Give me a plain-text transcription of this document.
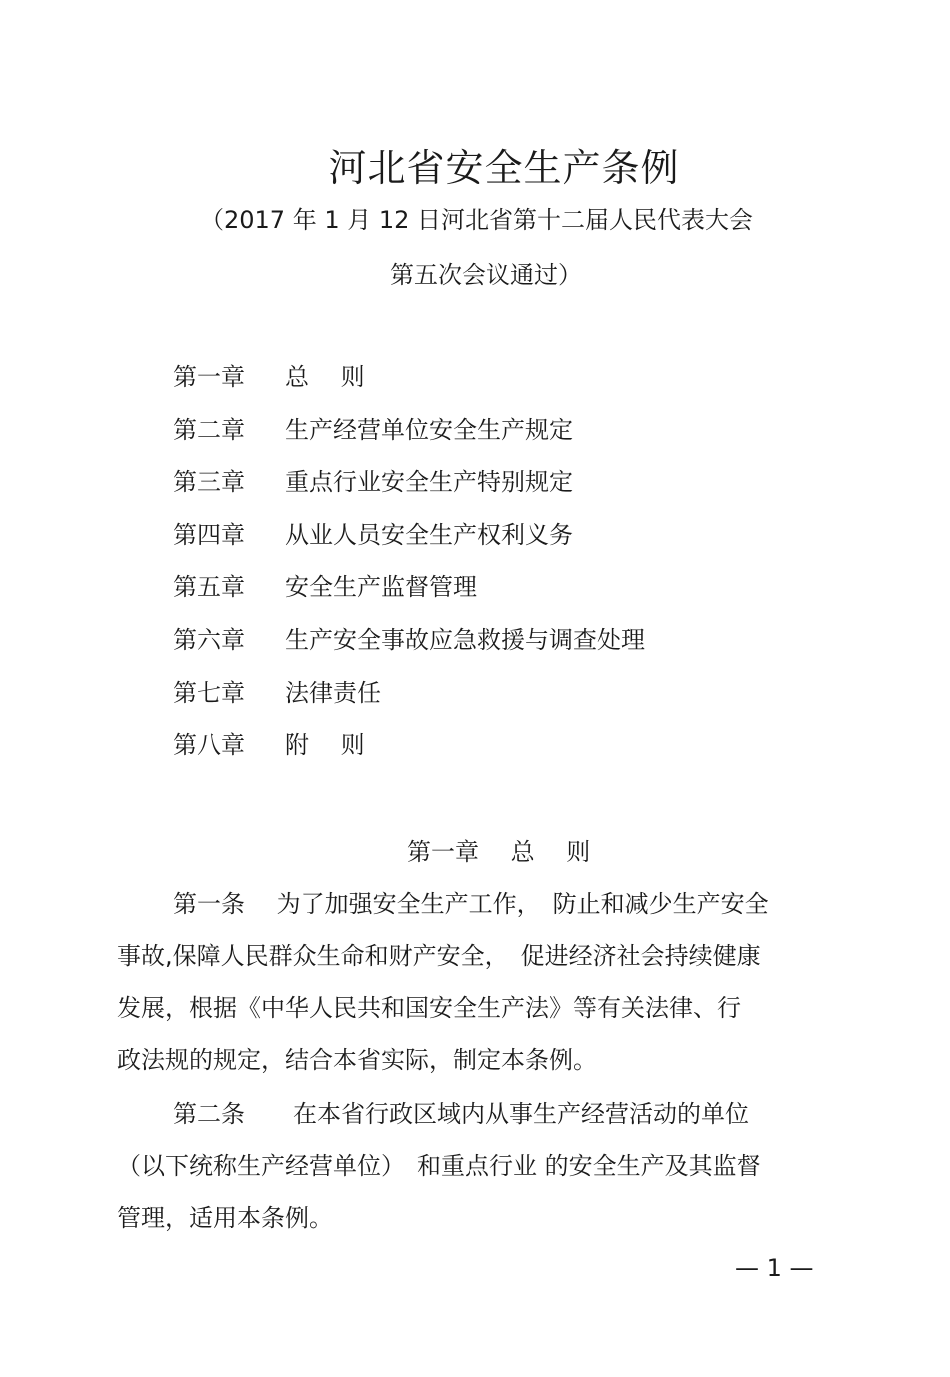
河北省安全生产条例
（2017 年 1 月 12 日河北省第十二届人民代表大会
第五次会议通过）
第一章 总　 则
第二章 生产经营单位安全生产规定
第三章 重点行业安全生产特别规定
第四章 从业人员安全生产权利义务
第五章 安全生产监督管理
第六章 生产安全事故应急救援与调查处理
第七章 法律责任
第八章 附　 则
第一章　 总　 则
第一条　 为了加强安全生产工作，　防止和减少生产安全
事故,保障人民群众生命和财产安全，　促进经济社会持续健康
发展，根据《中华人民共和国安全生产法》等有关法律、行
政法规的规定，结合本省实际，制定本条例。
第二条　　在本省行政区域内从事生产经营活动的单位
（以下统称生产经营单位）　和重点行业 的安全生产及其监督
管理，适用本条例。
— 1 —
